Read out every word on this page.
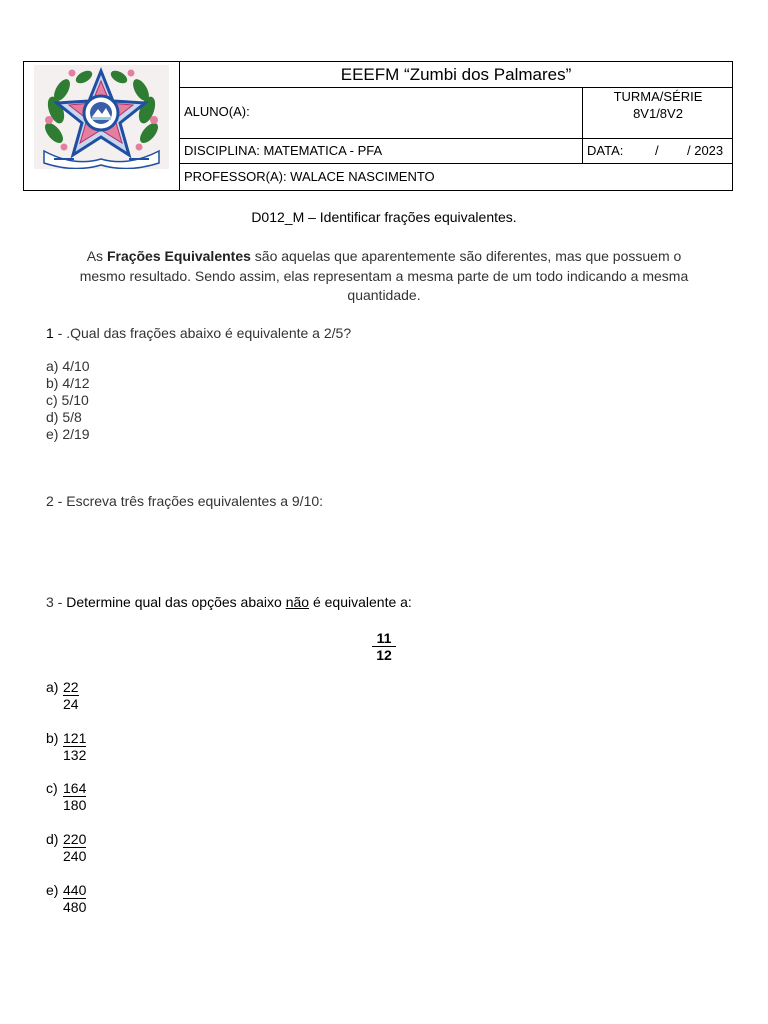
EEEFM “Zumbi dos Palmares”
ALUNO(A):
TURMA/SÉRIE
8V1/8V2
DISCIPLINA: MATEMATICA - PFA	DATA: / / 2023
PROFESSOR(A): WALACE NASCIMENTO
D012_M – Identificar frações equivalentes.
As Frações Equivalentes são aquelas que aparentemente são diferentes, mas que possuem o
mesmo resultado. Sendo assim, elas representam a mesma parte de um todo indicando a mesma
quantidade.
1 - .Qual das frações abaixo é equivalente a 2/5?
a) 4/10
b) 4/12
c) 5/10
d) 5/8
e) 2/19
2 - Escreva três frações equivalentes a 9/10:
3 - Determine qual das opções abaixo não é equivalente a:
$\frac{11}{12}$
$a) \frac{22}{24}$
$b) \frac{121}{132}$
$c) \frac{164}{180}$
$d) \frac{220}{240}$
$e) \frac{440}{480}$
